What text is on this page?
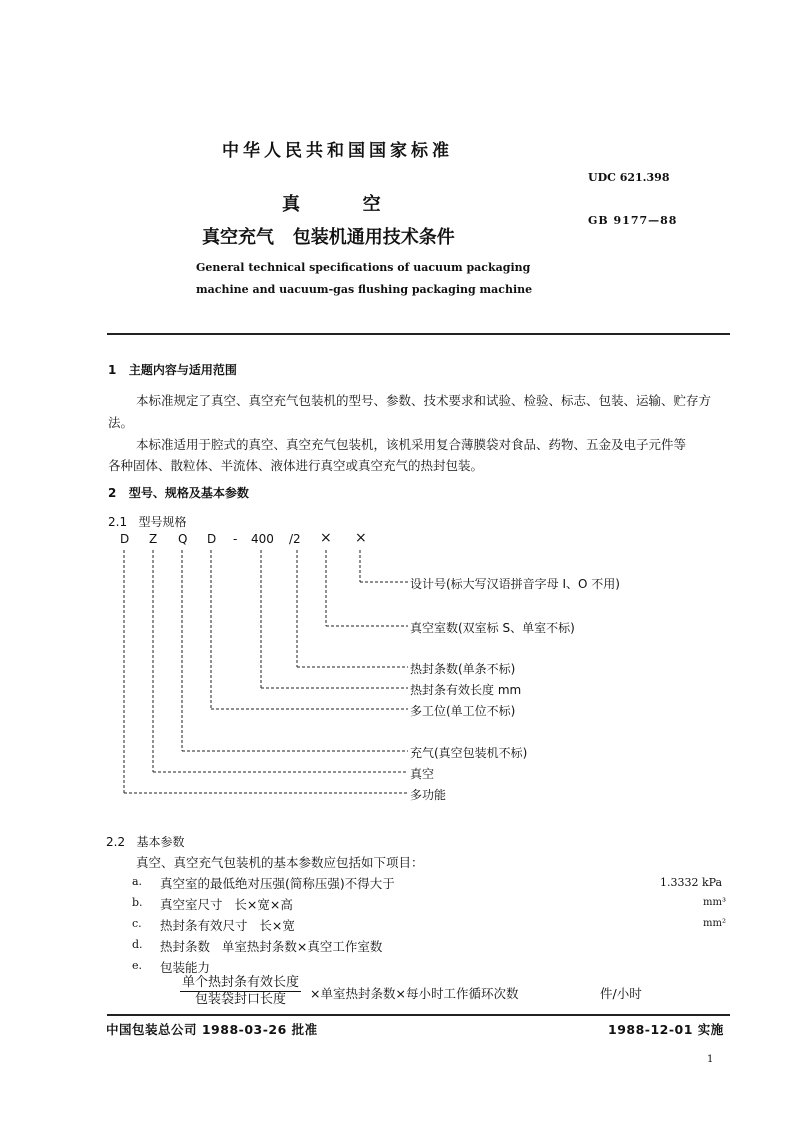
中华人民共和国国家标准
UDC 621.398
真          空
GB 9177—88
真空充气   包装机通用技术条件
General technical specifications of uacuum packaging
machine and uacuum-gas flushing packaging machine
1   主题内容与适用范围
本标准规定了真空、真空充气包装机的型号、参数、技术要求和试验、检验、标志、包装、运输、贮存方
法。
本标准适用于腔式的真空、真空充气包装机，该机采用复合薄膜袋对食品、药物、五金及电子元件等
各种固体、散粒体、半流体、液体进行真空或真空充气的热封包装。
2   型号、规格及基本参数
2.1   型号规格
D Z Q D - 400 /2 × ×
设计号(标大写汉语拼音字母 I、O 不用)
真空室数(双室标 S、单室不标)
热封条数(单条不标)
热封条有效长度 mm
多工位(单工位不标)
充气(真空包装机不标)
真空
多功能
2.2   基本参数
真空、真空充气包装机的基本参数应包括如下项目：
a. 真空室的最低绝对压强(简称压强)不得大于	1.3332 kPa
b. 真空室尺寸   长×宽×高	mm³
c. 热封条有效尺寸   长×宽	mm²
d. 热封条数   单室热封条数×真空工作室数
e. 包装能力
单个热封条有效长度
包装袋封口长度	×单室热封条数×每小时工作循环次数	件/小时
中国包装总公司 1988-03-26 批准	1988-12-01 实施
1
